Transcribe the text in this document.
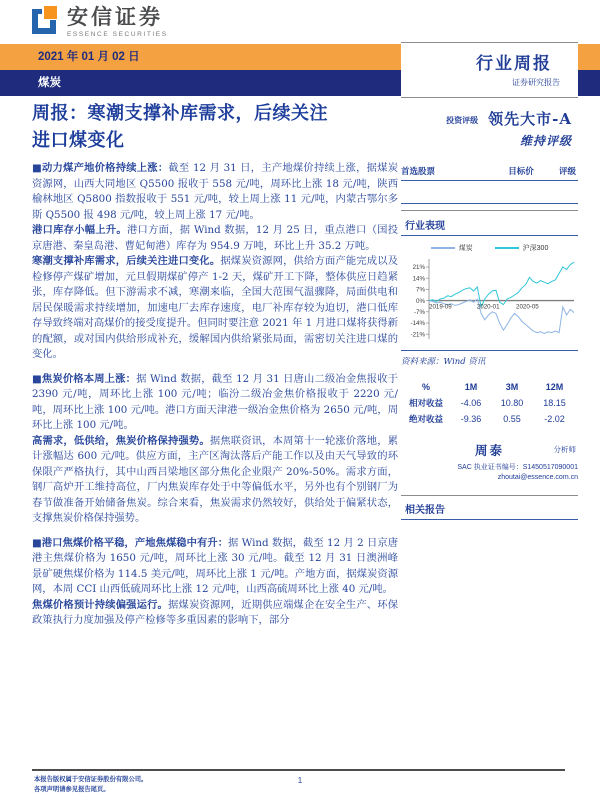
安信证券
ESSENCE SECURITIES
2021 年 01 月 02 日
煤炭
行业周报
证券研究报告
周报：寒潮支撑补库需求，后续关注进口煤变化

■动力煤产地价格持续上涨：截至 12 月 31 日，主产地煤价持续上涨，据煤炭资源网，山西大同地区 Q5500 报收于 558 元/吨，周环比上涨 18 元/吨，陕西榆林地区 Q5800 指数报收于 551 元/吨，较上周上涨 11 元/吨，内蒙古鄂尔多斯 Q5500 报 498 元/吨，较上周上涨 17 元/吨。

港口库存小幅上升。港口方面，据 Wind 数据，12 月 25 日，重点港口（国投京唐港、秦皇岛港、曹妃甸港）库存为 954.9 万吨，环比上升 35.2 万吨。

寒潮支撑补库需求，后续关注进口变化。据煤炭资源网，供给方面产能完成以及检修停产煤矿增加，元旦假期煤矿停产 1-2 天，煤矿开工下降，整体供应日趋紧张，库存降低。但下游需求不减，寒潮来临，全国大范围气温骤降，局面供电和居民保暖需求持续增加，加速电厂去库存速度，电厂补库存较为迫切，港口低库存导致终端对高煤价的接受度提升。但同时要注意 2021 年 1 月进口煤将获得新的配额，或对国内供给形成补充，缓解国内供给紧张局面，需密切关注进口煤的变化。

■焦炭价格本周上涨：据 Wind 数据，截至 12 月 31 日唐山二级冶金焦报收于 2390 元/吨，周环比上涨 100 元/吨；临汾二级冶金焦价格报收于 2220 元/吨，周环比上涨 100 元/吨。港口方面天津港一级冶金焦价格为 2650 元/吨，周环比上涨 100 元/吨。

高需求，低供给，焦炭价格保持强势。据焦联资讯，本周第十一轮涨价落地，累计涨幅达 600 元/吨。供应方面，主产区淘汰落后产能工作以及由天气导致的环保限产严格执行，其中山西吕梁地区部分焦化企业限产 20%-50%。需求方面，钢厂高炉开工维持高位，厂内焦炭库存处于中等偏低水平，另外也有个别钢厂为春节做准备开始储备焦炭。综合来看，焦炭需求仍然较好，供给处于偏紧状态，支撑焦炭价格保持强势。

■港口焦煤价格平稳，产地焦煤稳中有升：据 Wind 数据，截至 12 月 2 日京唐港主焦煤价格为 1650 元/吨，周环比上涨 30 元/吨。截至 12 月 31 日澳洲峰景矿硬焦煤价格为 114.5 美元/吨，周环比上涨 1 元/吨。产地方面，据煤炭资源网，本周 CCI 山西低硫周环比上涨 12 元/吨，山西高硫周环比上涨 40 元/吨。

焦煤价格预计持续偏强运行。据煤炭资源网，近期供应端煤企在安全生产、环保政策执行力度加强及停产检修等多重因素的影响下，部分

投资评级 领先大市-A
维持评级
首选股票	目标价	评级
行业表现
煤炭	沪深300
21%
14%
7%
0%
-7%
-14%
-21%
2019-09	2020-01	2020-05
资料来源：Wind 资讯
%	1M	3M	12M
相对收益	-4.06	10.80	18.15
绝对收益	-9.36	0.55	-2.02
周泰	分析师
SAC 执业证书编号：S1450517090001
zhoutai@essence.com.cn
相关报告
本报告版权属于安信证券股份有限公司。
各项声明请参见报告尾页。
1
